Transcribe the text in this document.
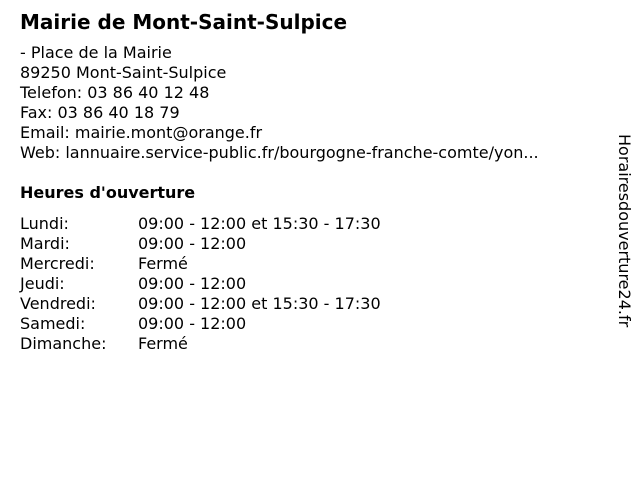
Mairie de Mont-Saint-Sulpice
- Place de la Mairie
89250 Mont-Saint-Sulpice
Telefon: 03 86 40 12 48
Fax: 03 86 40 18 79
Email: mairie.mont@orange.fr
Web: lannuaire.service-public.fr/bourgogne-franche-comte/yon...
Heures d'ouverture
Lundi:	09:00 - 12:00 et 15:30 - 17:30
Mardi:	09:00 - 12:00
Mercredi:	Fermé
Jeudi:	09:00 - 12:00
Vendredi:	09:00 - 12:00 et 15:30 - 17:30
Samedi:	09:00 - 12:00
Dimanche: Fermé
Horairesdouverture24.fr
